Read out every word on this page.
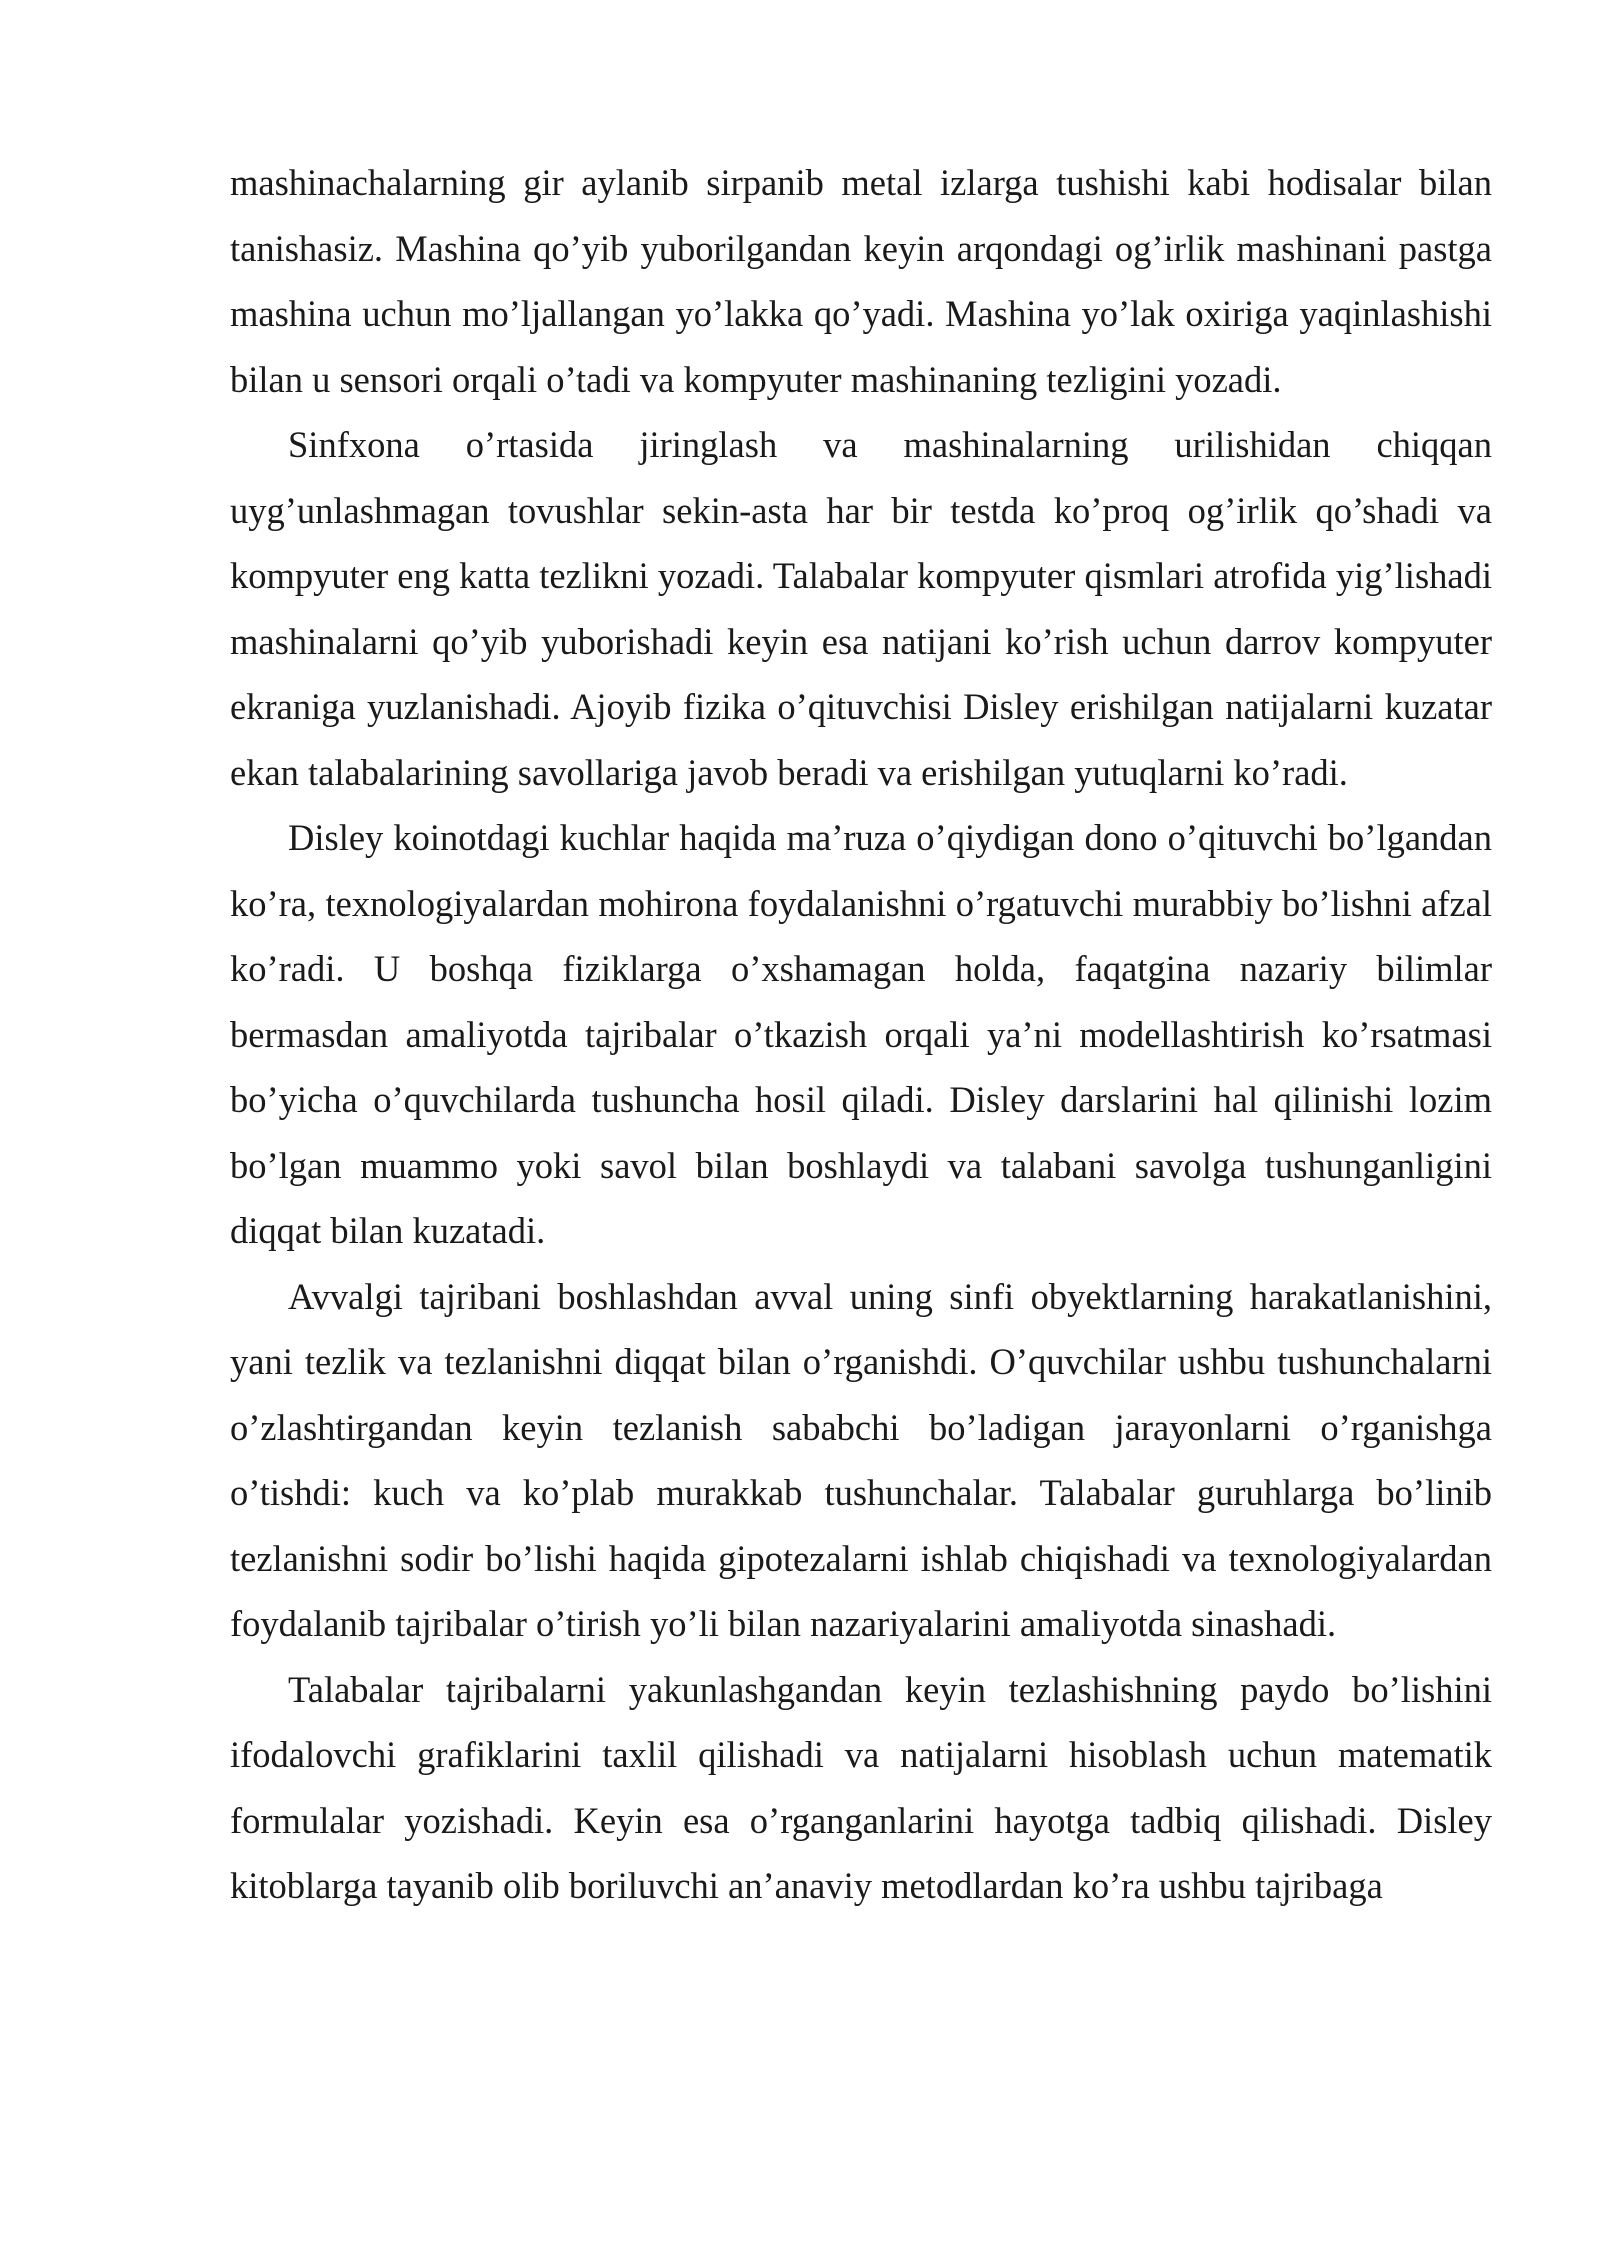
mashinachalarning gir aylanib sirpanib metal izlarga tushishi kabi hodisalar bilan tanishasiz. Mashina qo’yib yuborilgandan keyin arqondagi og’irlik mashinani pastga mashina uchun mo’ljallangan yo’lakka qo’yadi. Mashina yo’lak oxiriga yaqinlashishi bilan u sensori orqali o’tadi va kompyuter mashinaning tezligini yozadi.

Sinfxona o’rtasida jiringlash va mashinalarning urilishidan chiqqan uyg’unlashmagan tovushlar sekin-asta har bir testda ko’proq og’irlik qo’shadi va kompyuter eng katta tezlikni yozadi. Talabalar kompyuter qismlari atrofida yig’lishadi mashinalarni qo’yib yuborishadi keyin esa natijani ko’rish uchun darrov kompyuter ekraniga yuzlanishadi. Ajoyib fizika o’qituvchisi Disley erishilgan natijalarni kuzatar ekan talabalarining savollariga javob beradi va erishilgan yutuqlarni ko’radi.

Disley koinotdagi kuchlar haqida ma’ruza o’qiydigan dono o’qituvchi bo’lgandan ko’ra, texnologiyalardan mohirona foydalanishni o’rgatuvchi murabbiy bo’lishni afzal ko’radi. U boshqa fiziklarga o’xshamagan holda, faqatgina nazariy bilimlar bermasdan amaliyotda tajribalar o’tkazish orqali ya’ni modellashtirish ko’rsatmasi bo’yicha o’quvchilarda tushuncha hosil qiladi. Disley darslarini hal qilinishi lozim bo’lgan muammo yoki savol bilan boshlaydi va talabani savolga tushunganligini diqqat bilan kuzatadi.

Avvalgi tajribani boshlashdan avval uning sinfi obyektlarning harakatlanishini, yani tezlik va tezlanishni diqqat bilan o’rganishdi. O’quvchilar ushbu tushunchalarni o’zlashtirgandan keyin tezlanish sababchi bo’ladigan jarayonlarni o’rganishga o’tishdi: kuch va ko’plab murakkab tushunchalar. Talabalar guruhlarga bo’linib tezlanishni sodir bo’lishi haqida gipotezalarni ishlab chiqishadi va texnologiyalardan foydalanib tajribalar o’tirish yo’li bilan nazariyalarini amaliyotda sinashadi.

Talabalar tajribalarni yakunlashgandan keyin tezlashishning paydo bo’lishini ifodalovchi grafiklarini taxlil qilishadi va natijalarni hisoblash uchun matematik formulalar yozishadi. Keyin esa o’rganganlarini hayotga tadbiq qilishadi. Disley kitoblarga tayanib olib boriluvchi an’anaviy metodlardan ko’ra ushbu tajribaga
